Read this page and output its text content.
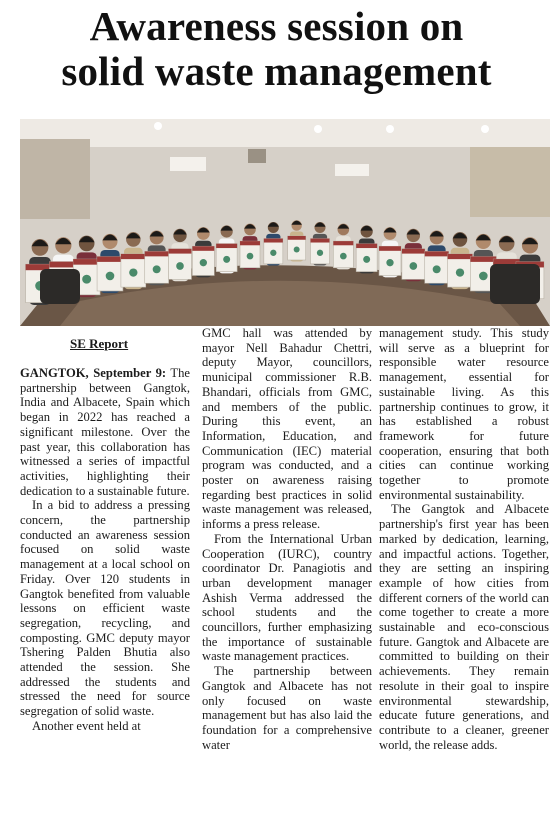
Awareness session on
solid waste management
SE Report

GANGTOK, September 9: The partnership between Gangtok, India and Albacete, Spain which began in 2022 has reached a significant milestone. Over the past year, this collaboration has witnessed a series of impactful activities, highlighting their dedication to a sustainable future.

In a bid to address a pressing concern, the partnership conducted an awareness session focused on solid waste management at a local school on Friday. Over 120 students in Gangtok benefited from valuable lessons on efficient waste segregation, recycling, and composting. GMC deputy mayor Tshering Palden Bhutia also attended the session. She addressed the students and stressed the need for source segregation of solid waste.

Another event held at

GMC hall was attended by mayor Nell Bahadur Chettri, deputy Mayor, councillors, municipal commissioner R.B. Bhandari, officials from GMC, and members of the public. During this event, an Information, Education, and Communication (IEC) material program was conducted, and a poster on awareness raising regarding best practices in solid waste management was released, informs a press release.

From the International Urban Cooperation (IURC), country coordinator Dr. Panagiotis and urban development manager Ashish Verma addressed the school students and the councillors, further emphasizing the importance of sustainable waste management practices.

The partnership between Gangtok and Albacete has not only focused on waste management but has also laid the foundation for a comprehensive water

management study. This study will serve as a blueprint for responsible water resource management, essential for sustainable living. As this partnership continues to grow, it has established a robust framework for future cooperation, ensuring that both cities can continue working together to promote environmental sustainability.

The Gangtok and Albacete partnership's first year has been marked by dedication, learning, and impactful actions. Together, they are setting an inspiring example of how cities from different corners of the world can come together to create a more sustainable and eco-conscious future. Gangtok and Albacete are committed to building on their achievements. They remain resolute in their goal to inspire environmental stewardship, educate future generations, and contribute to a cleaner, greener world, the release adds.
